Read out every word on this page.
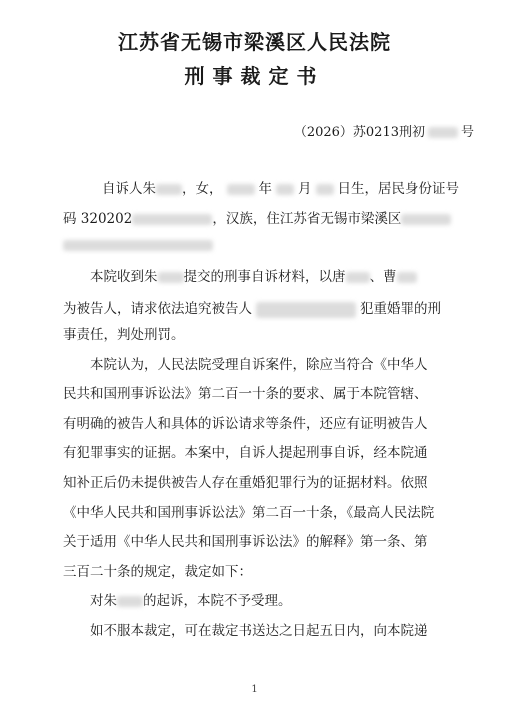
江苏省无锡市梁溪区人民法院
刑事裁定书
（2026）苏0213刑初	号
　　自诉人朱 ，女，	年 月 日生，居民身份证号
码 320202	，汉族，住江苏省无锡市梁溪区
　　本院收到朱 提交的刑事自诉材料，以唐 、曹
为被告人，请求依法追究被告人	犯重婚罪的刑
事责任，判处刑罚。
　　本院认为，人民法院受理自诉案件，除应当符合《中华人
民共和国刑事诉讼法》第二百一十条的要求、属于本院管辖、
有明确的被告人和具体的诉讼请求等条件，还应有证明被告人
有犯罪事实的证据。本案中，自诉人提起刑事自诉，经本院通
知补正后仍未提供被告人存在重婚犯罪行为的证据材料。依照
《中华人民共和国刑事诉讼法》第二百一十条，《最高人民法院
关于适用《中华人民共和国刑事诉讼法》的解释》第一条、第
三百二十条的规定，裁定如下：
　　对朱 的起诉，本院不予受理。
　　如不服本裁定，可在裁定书送达之日起五日内，向本院递
1
